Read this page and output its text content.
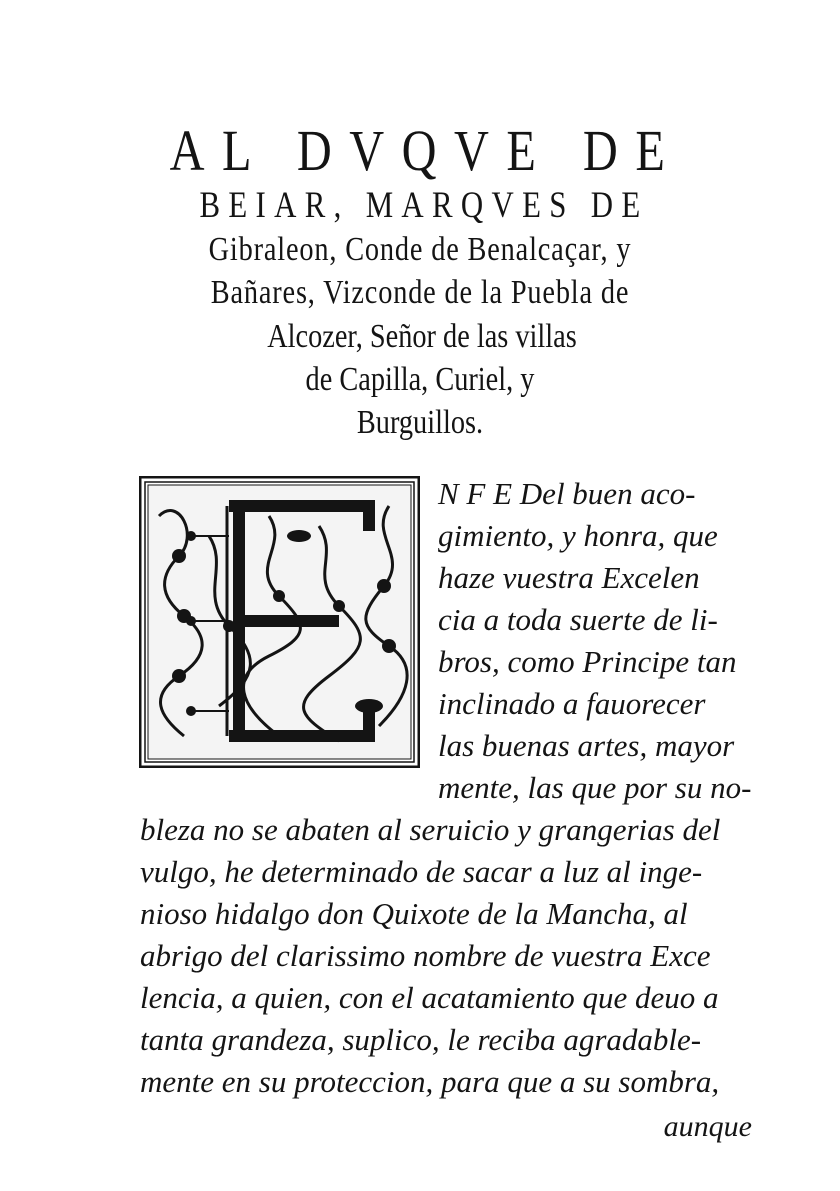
AL DVQVE DE
BEIAR, MARQVES DE
Gibraleon, Conde de Benalcaçar, y
Bañares, Vizconde de la Puebla de
Alcozer, Señor de las villas
de Capilla, Curiel, y
Burguillos.
N F E Del buen aco-
gimiento, y honra, que
haze vuestra Excelen
cia a toda suerte de li-
bros, como Principe tan
inclinado a fauorecer
las buenas artes, mayor
mente, las que por su no-
bleza no se abaten al seruicio y grangerias del
vulgo, he determinado de sacar a luz al inge-
nioso hidalgo don Quixote de la Mancha, al
abrigo del clarissimo nombre de vuestra Exce
lencia, a quien, con el acatamiento que deuo a
tanta grandeza, suplico, le reciba agradable-
mente en su proteccion, para que a su sombra,
aunque
